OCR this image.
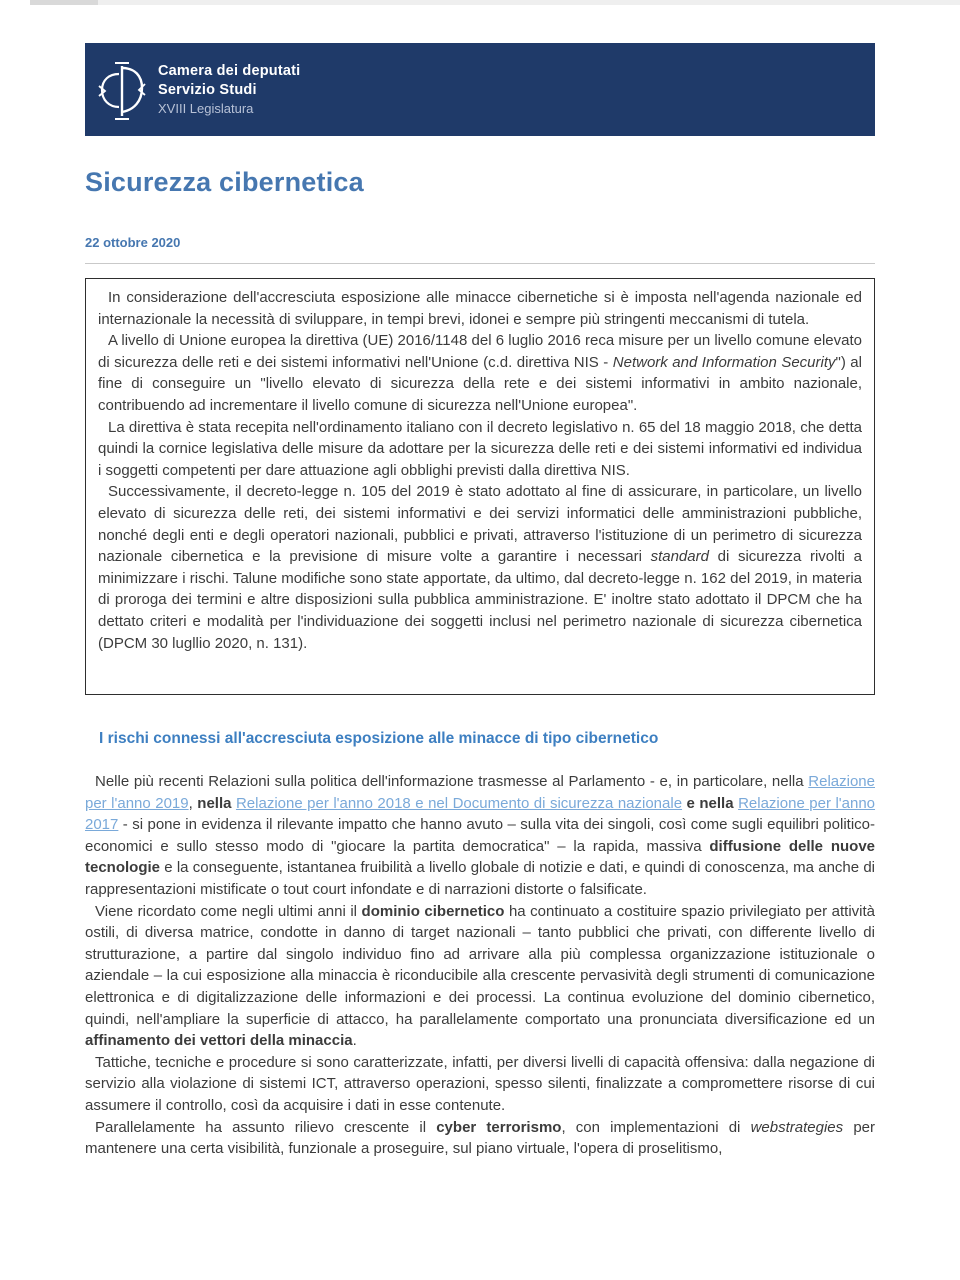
Camera dei deputati
Servizio Studi
XVIII Legislatura
Sicurezza cibernetica
22 ottobre 2020

In considerazione dell'accresciuta esposizione alle minacce cibernetiche si è imposta nell'agenda nazionale ed internazionale la necessità di sviluppare, in tempi brevi, idonei e sempre più stringenti meccanismi di tutela.

A livello di Unione europea la direttiva (UE) 2016/1148 del 6 luglio 2016 reca misure per un livello comune elevato di sicurezza delle reti e dei sistemi informativi nell'Unione (c.d. direttiva NIS - Network and Information Security") al fine di conseguire un "livello elevato di sicurezza della rete e dei sistemi informativi in ambito nazionale, contribuendo ad incrementare il livello comune di sicurezza nell'Unione europea".

La direttiva è stata recepita nell'ordinamento italiano con il decreto legislativo n. 65 del 18 maggio 2018, che detta quindi la cornice legislativa delle misure da adottare per la sicurezza delle reti e dei sistemi informativi ed individua i soggetti competenti per dare attuazione agli obblighi previsti dalla direttiva NIS.

Successivamente, il decreto-legge n. 105 del 2019 è stato adottato al fine di assicurare, in particolare, un livello elevato di sicurezza delle reti, dei sistemi informativi e dei servizi informatici delle amministrazioni pubbliche, nonché degli enti e degli operatori nazionali, pubblici e privati, attraverso l'istituzione di un perimetro di sicurezza nazionale cibernetica e la previsione di misure volte a garantire i necessari standard di sicurezza rivolti a minimizzare i rischi. Talune modifiche sono state apportate, da ultimo, dal decreto-legge n. 162 del 2019, in materia di proroga dei termini e altre disposizioni sulla pubblica amministrazione. E' inoltre stato adottato il DPCM che ha dettato criteri e modalità per l'individuazione dei soggetti inclusi nel perimetro nazionale di sicurezza cibernetica (DPCM 30 lugllio 2020, n. 131).

I rischi connessi all'accresciuta esposizione alle minacce di tipo cibernetico

Nelle più recenti Relazioni sulla politica dell'informazione trasmesse al Parlamento - e, in particolare, nella Relazione per l'anno 2019, nella Relazione per l'anno 2018 e nel Documento di sicurezza nazionale e nella Relazione per l'anno 2017 - si pone in evidenza il rilevante impatto che hanno avuto – sulla vita dei singoli, così come sugli equilibri politico-economici e sullo stesso modo di "giocare la partita democratica" – la rapida, massiva diffusione delle nuove tecnologie e la conseguente, istantanea fruibilità a livello globale di notizie e dati, e quindi di conoscenza, ma anche di rappresentazioni mistificate o tout court infondate e di narrazioni distorte o falsificate.

Viene ricordato come negli ultimi anni il dominio cibernetico ha continuato a costituire spazio privilegiato per attività ostili, di diversa matrice, condotte in danno di target nazionali – tanto pubblici che privati, con differente livello di strutturazione, a partire dal singolo individuo fino ad arrivare alla più complessa organizzazione istituzionale o aziendale – la cui esposizione alla minaccia è riconducibile alla crescente pervasività degli strumenti di comunicazione elettronica e di digitalizzazione delle informazioni e dei processi. La continua evoluzione del dominio cibernetico, quindi, nell'ampliare la superficie di attacco, ha parallelamente comportato una pronunciata diversificazione ed un affinamento dei vettori della minaccia.

Tattiche, tecniche e procedure si sono caratterizzate, infatti, per diversi livelli di capacità offensiva: dalla negazione di servizio alla violazione di sistemi ICT, attraverso operazioni, spesso silenti, finalizzate a compromettere risorse di cui assumere il controllo, così da acquisire i dati in esse contenute.

Parallelamente ha assunto rilievo crescente il cyber terrorismo, con implementazioni di webstrategies per mantenere una certa visibilità, funzionale a proseguire, sul piano virtuale, l'opera di proselitismo,
